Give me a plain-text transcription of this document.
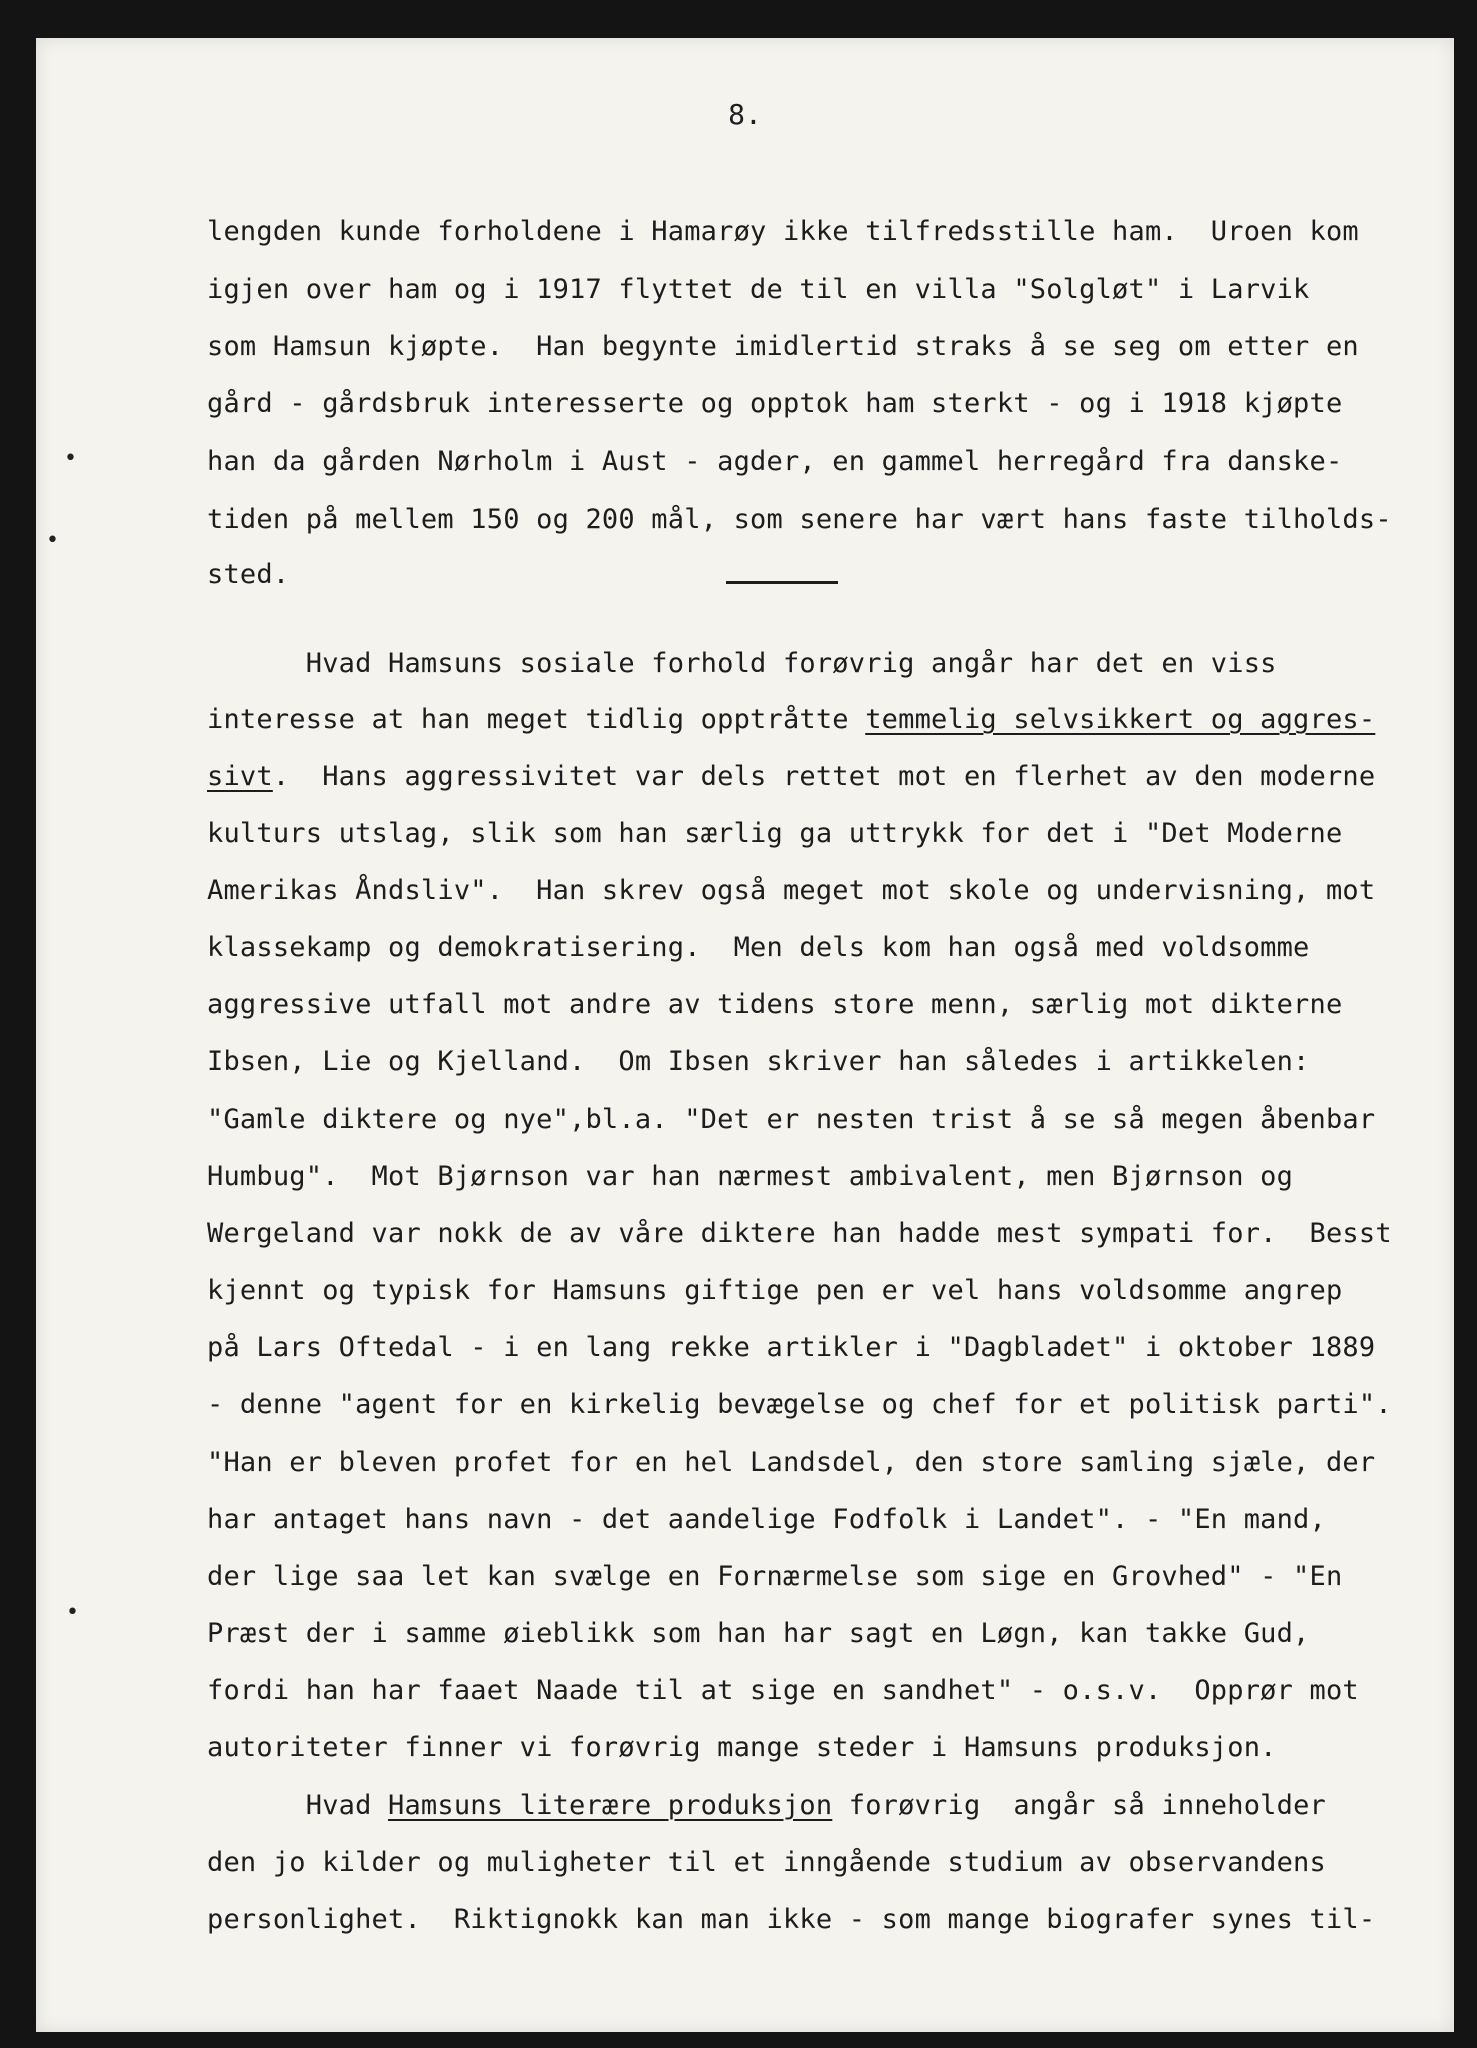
8.
lengden kunde forholdene i Hamarøy ikke tilfredsstille ham.  Uroen kom
igjen over ham og i 1917 flyttet de til en villa "Solgløt" i Larvik
som Hamsun kjøpte.  Han begynte imidlertid straks å se seg om etter en
gård - gårdsbruk interesserte og opptok ham sterkt - og i 1918 kjøpte
han da gården Nørholm i Aust - agder, en gammel herregård fra danske-
tiden på mellem 150 og 200 mål, som senere har vært hans faste tilholds-
sted.
Hvad Hamsuns sosiale forhold forøvrig angår har det en viss
interesse at han meget tidlig opptråtte temmelig selvsikkert og aggres-
sivt.  Hans aggressivitet var dels rettet mot en flerhet av den moderne
kulturs utslag, slik som han særlig ga uttrykk for det i "Det Moderne
Amerikas Åndsliv".  Han skrev også meget mot skole og undervisning, mot
klassekamp og demokratisering.  Men dels kom han også med voldsomme
aggressive utfall mot andre av tidens store menn, særlig mot dikterne
Ibsen, Lie og Kjelland.  Om Ibsen skriver han således i artikkelen:
"Gamle diktere og nye",bl.a. "Det er nesten trist å se så megen åbenbar
Humbug".  Mot Bjørnson var han nærmest ambivalent, men Bjørnson og
Wergeland var nokk de av våre diktere han hadde mest sympati for.  Besst
kjennt og typisk for Hamsuns giftige pen er vel hans voldsomme angrep
på Lars Oftedal - i en lang rekke artikler i "Dagbladet" i oktober 1889
- denne "agent for en kirkelig bevægelse og chef for et politisk parti".
"Han er bleven profet for en hel Landsdel, den store samling sjæle, der
har antaget hans navn - det aandelige Fodfolk i Landet". - "En mand,
der lige saa let kan svælge en Fornærmelse som sige en Grovhed" - "En
Præst der i samme øieblikk som han har sagt en Løgn, kan takke Gud,
fordi han har faaet Naade til at sige en sandhet" - o.s.v.  Opprør mot
autoriteter finner vi forøvrig mange steder i Hamsuns produksjon.
Hvad Hamsuns literære produksjon forøvrig  angår så inneholder
den jo kilder og muligheter til et inngående studium av observandens
personlighet.  Riktignokk kan man ikke - som mange biografer synes til-
•
•
•
